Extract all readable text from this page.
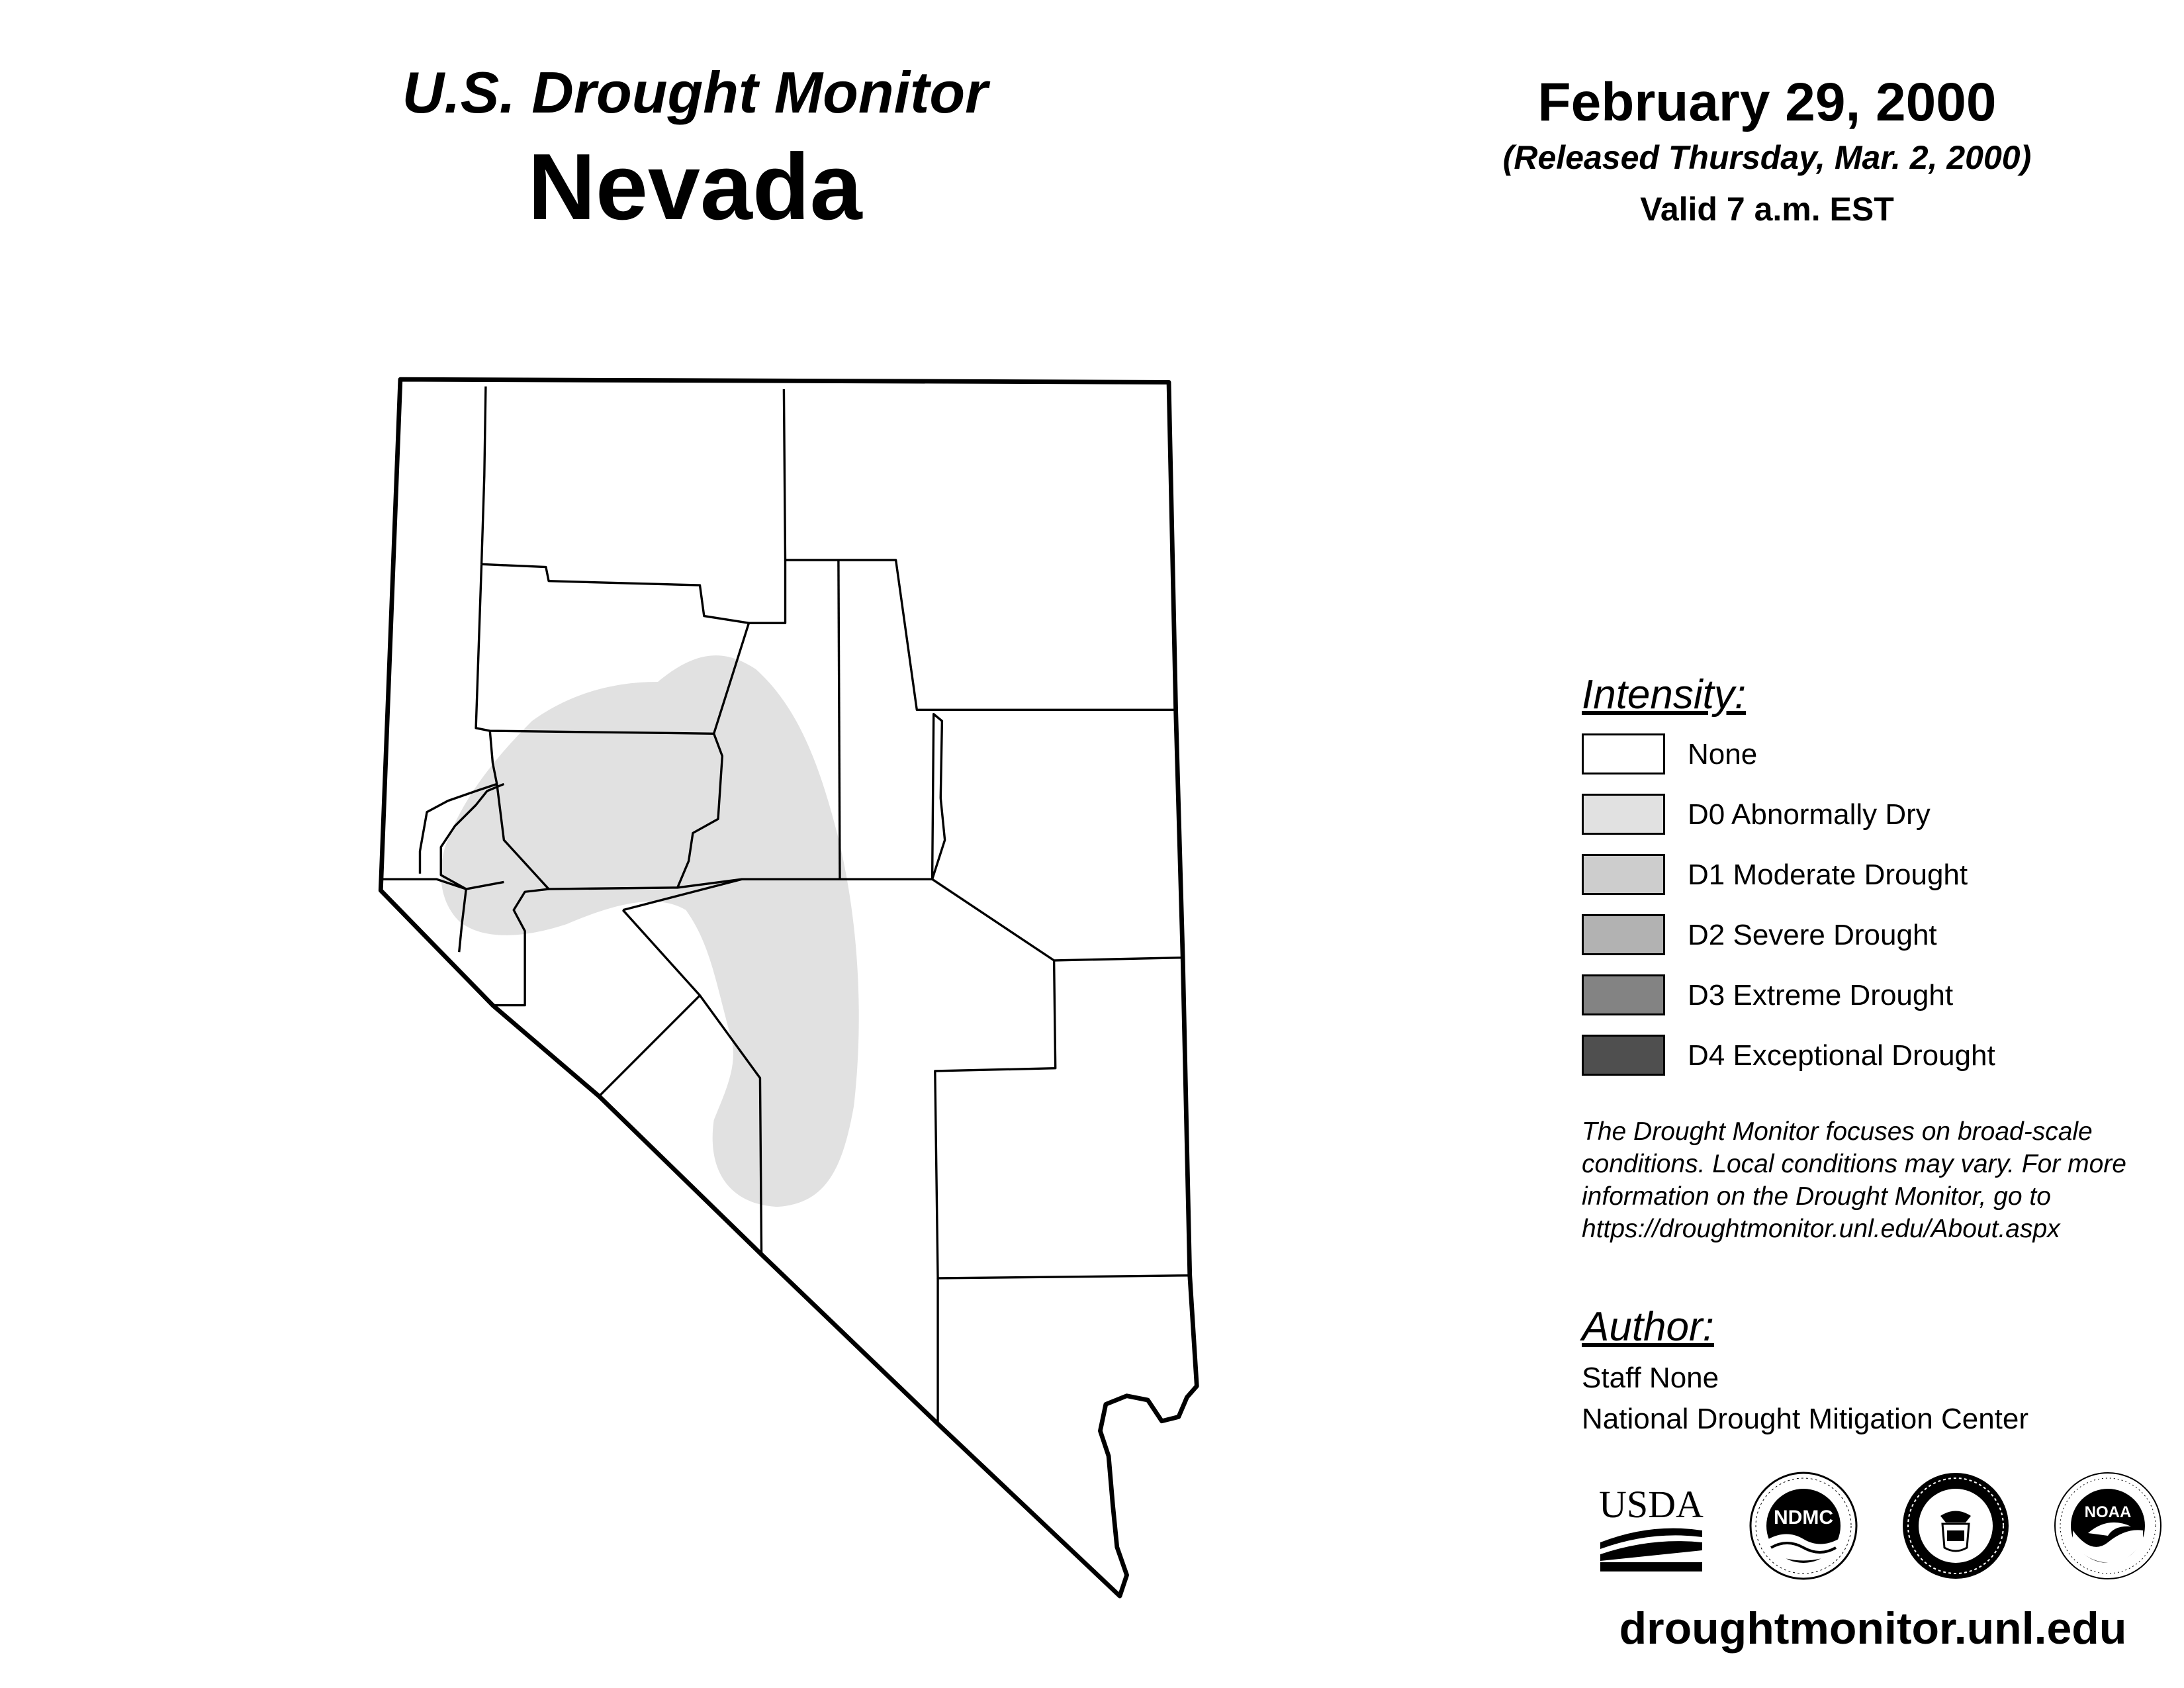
U.S. Drought Monitor
Nevada
February 29, 2000
(Released Thursday, Mar. 2, 2000)
Valid 7 a.m. EST
Intensity:
None
D0 Abnormally Dry
D1 Moderate Drought
D2 Severe Drought
D3 Extreme Drought
D4 Exceptional Drought
The Drought Monitor focuses on broad-scale
conditions. Local conditions may vary. For more
information on the Drought Monitor, go to
https://droughtmonitor.unl.edu/About.aspx
Author:
Staff None
National Drought Mitigation Center
USDA	NDMC	NOAA
droughtmonitor.unl.edu
